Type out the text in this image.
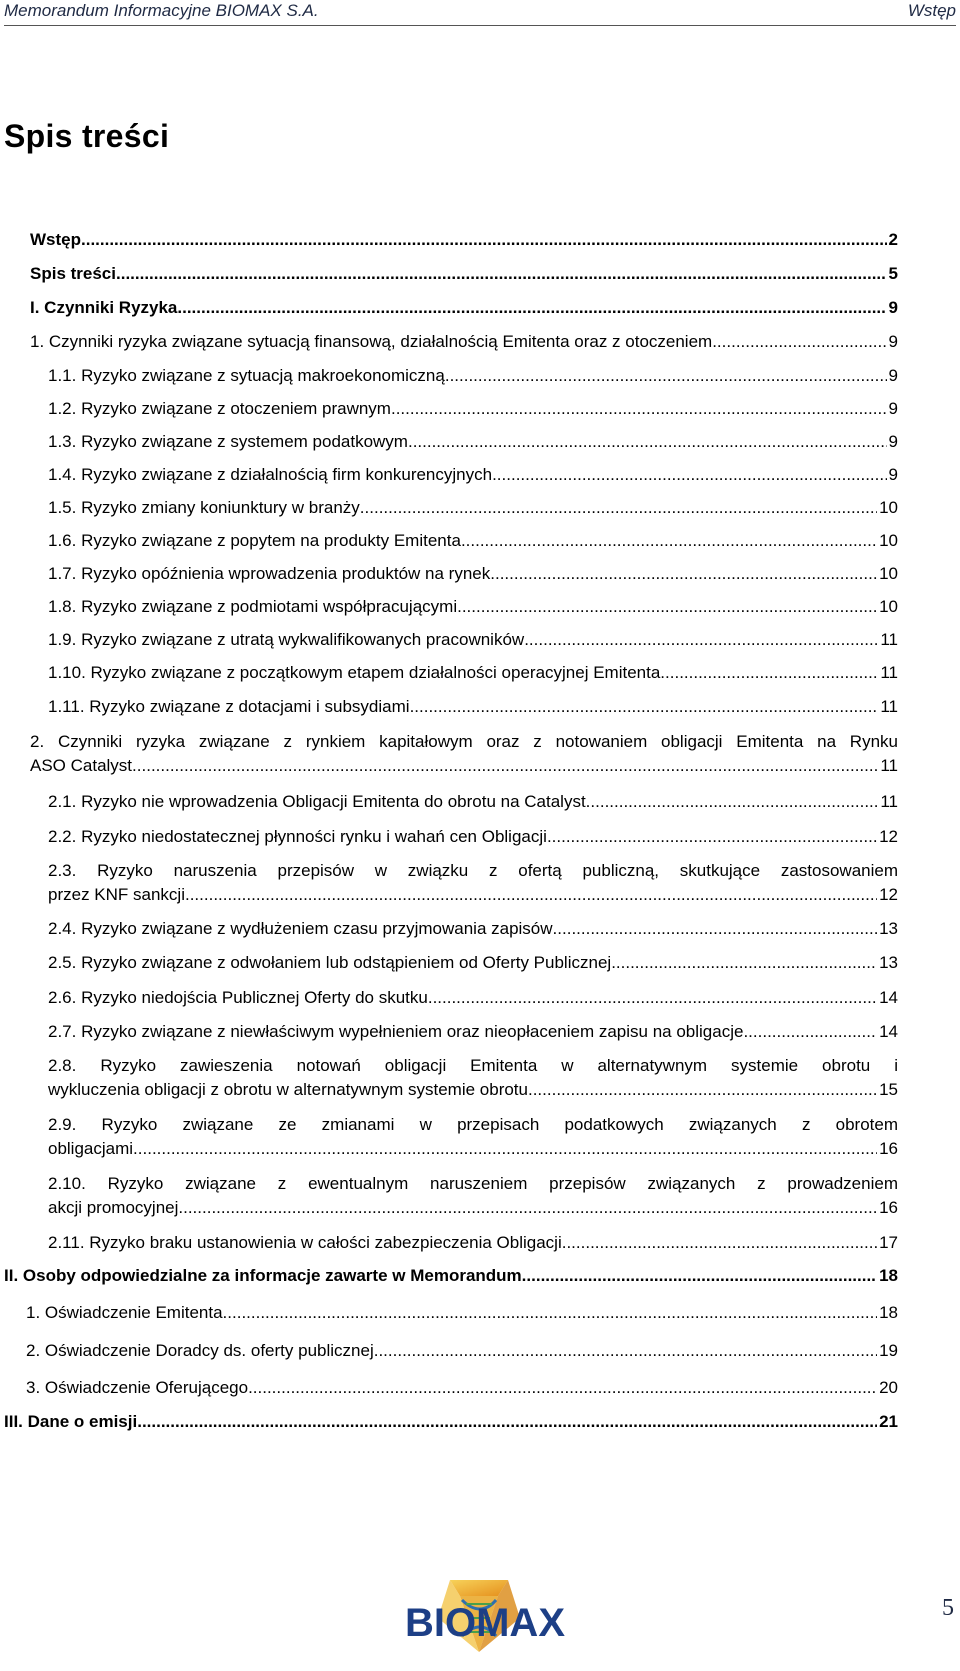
Memorandum Informacyjne BIOMAX S.A.	Wstęp
Spis treści
Wstęp .....	2
Spis treści .....	5
I. Czynniki Ryzyka .....	9
1. Czynniki ryzyka związane sytuacją finansową, działalnością Emitenta oraz z otoczeniem .....	9
1.1. Ryzyko związane z sytuacją makroekonomiczną .....	9
1.2. Ryzyko związane z otoczeniem prawnym .....	9
1.3. Ryzyko związane z systemem podatkowym .....	9
1.4. Ryzyko związane z działalnością firm konkurencyjnych .....	9
1.5. Ryzyko zmiany koniunktury w branży .....	10
1.6. Ryzyko związane z popytem na produkty Emitenta .....	10
1.7. Ryzyko opóźnienia wprowadzenia produktów na rynek .....	10
1.8. Ryzyko związane z podmiotami współpracującymi .....	10
1.9. Ryzyko związane z utratą wykwalifikowanych pracowników .....	11
1.10. Ryzyko związane z początkowym etapem działalności operacyjnej Emitenta .....	11
1.11. Ryzyko związane z dotacjami i subsydiami .....	11
2. Czynniki ryzyka związane z rynkiem kapitałowym oraz z notowaniem obligacji Emitenta na Rynku
ASO Catalyst .....	11
2.1. Ryzyko nie wprowadzenia Obligacji Emitenta do obrotu na Catalyst .....	11
2.2. Ryzyko niedostatecznej płynności rynku i wahań cen Obligacji .....	12
2.3. Ryzyko naruszenia przepisów w związku z ofertą publiczną, skutkujące zastosowaniem
przez KNF sankcji .....	12
2.4. Ryzyko związane z wydłużeniem czasu przyjmowania zapisów .....	13
2.5. Ryzyko związane z odwołaniem lub odstąpieniem od Oferty Publicznej .....	13
2.6. Ryzyko niedojścia Publicznej Oferty do skutku .....	14
2.7. Ryzyko związane z niewłaściwym wypełnieniem oraz nieopłaceniem zapisu na obligacje .....	14
2.8. Ryzyko zawieszenia notowań obligacji Emitenta w alternatywnym systemie obrotu i
wykluczenia obligacji z obrotu w alternatywnym systemie obrotu .....	15
2.9. Ryzyko związane ze zmianami w przepisach podatkowych związanych z obrotem
obligacjami .....	16
2.10. Ryzyko związane z ewentualnym naruszeniem przepisów związanych z prowadzeniem
akcji promocyjnej .....	16
2.11. Ryzyko braku ustanowienia w całości zabezpieczenia Obligacji .....	17
II. Osoby odpowiedzialne za informacje zawarte w Memorandum .....	18
1. Oświadczenie Emitenta .....	18
2. Oświadczenie Doradcy ds. oferty publicznej .....	19
3. Oświadczenie Oferującego .....	20
III. Dane o emisji .....	21
BIOMAX	5
